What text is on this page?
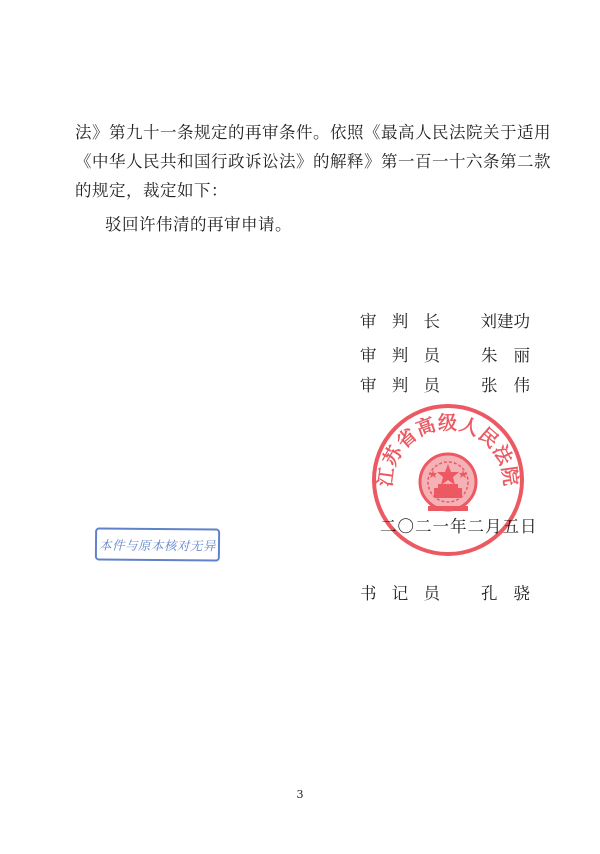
法》第九十一条规定的再审条件。依照《最高人民法院关于适用

《中华人民共和国行政诉讼法》的解释》第一百一十六条第二款

的规定，裁定如下：

驳回许伟清的再审申请。

审 判 长 刘建功
审 判 员 朱丽
审 判 员 张伟
二〇二一年二月五日
江苏省高级人民法院
书 记 员 孔骁
本件与原本核对无异
3
